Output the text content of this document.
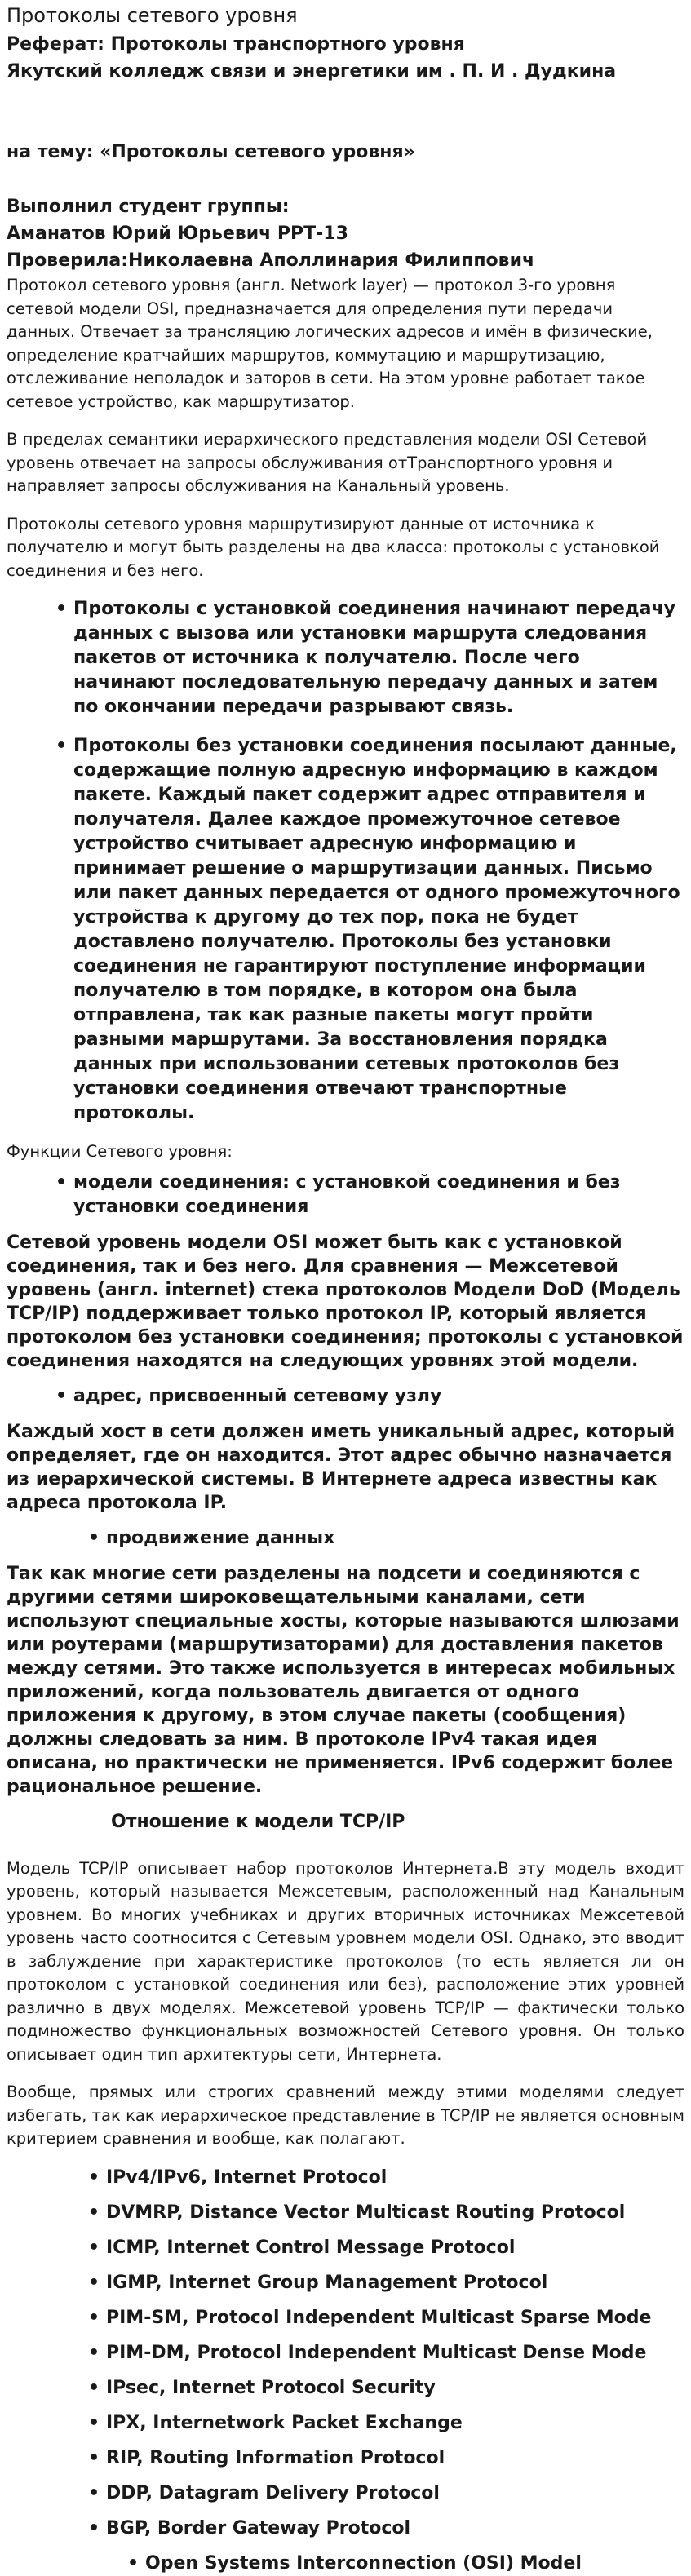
Протоколы сетевого уровня

Реферат: Протоколы транспортного уровня

Якутский колледж связи и энергетики им . П. И . Дудкина

на тему: «Протоколы сетевого уровня»

Выполнил студент группы:

Аманатов Юрий Юрьевич РРТ-13

Проверила:Николаевна Аполлинария Филиппович

Протокол сетевого уровня (англ. Network layer) — протокол 3-го уровня сетевой модели OSI, предназначается для определения пути передачи данных. Отвечает за трансляцию логических адресов и имён в физические, определение кратчайших маршрутов, коммутацию и маршрутизацию, отслеживание неполадок и заторов в сети. На этом уровне работает такое сетевое устройство, как маршрутизатор.

В пределах семантики иерархического представления модели OSI Сетевой уровень отвечает на запросы обслуживания отТранспортного уровня и направляет запросы обслуживания на Канальный уровень.

Протоколы сетевого уровня маршрутизируют данные от источника к получателю и могут быть разделены на два класса: протоколы с установкой соединения и без него.

• Протоколы с установкой соединения начинают передачу данных с вызова или установки маршрута следования пакетов от источника к получателю. После чего начинают последовательную передачу данных и затем по окончании передачи разрывают связь.
• Протоколы без установки соединения посылают данные, содержащие полную адресную информацию в каждом пакете. Каждый пакет содержит адрес отправителя и получателя. Далее каждое промежуточное сетевое устройство считывает адресную информацию и принимает решение о маршрутизации данных. Письмо или пакет данных передается от одного промежуточного устройства к другому до тех пор, пока не будет доставлено получателю. Протоколы без установки соединения не гарантируют поступление информации получателю в том порядке, в котором она была отправлена, так как разные пакеты могут пройти разными маршрутами. За восстановления порядка данных при использовании сетевых протоколов без установки соединения отвечают транспортные протоколы.

Функции Сетевого уровня:

• модели соединения: с установкой соединения и без установки соединения

Сетевой уровень модели OSI может быть как с установкой соединения, так и без него. Для сравнения — Межсетевой уровень (англ. internet) стека протоколов Модели DoD (Модель TCP/IP) поддерживает только протокол IP, который является протоколом без установки соединения; протоколы с установкой соединения находятся на следующих уровнях этой модели.

• адрес, присвоенный сетевому узлу

Каждый хост в сети должен иметь уникальный адрес, который определяет, где он находится. Этот адрес обычно назначается из иерархической системы. В Интернете адреса известны как адреса протокола IP.

• продвижение данных

Так как многие сети разделены на подсети и соединяются с другими сетями широковещательными каналами, сети используют специальные хосты, которые называются шлюзами или роутерами (маршрутизаторами) для доставления пакетов между сетями. Это также используется в интересах мобильных приложений, когда пользователь двигается от одного приложения к другому, в этом случае пакеты (сообщения) должны следовать за ним. В протоколе IPv4 такая идея описана, но практически не применяется. IPv6 содержит более рациональное решение.

Отношение к модели TCP/IP

Модель TCP/IP описывает набор протоколов Интернета.В эту модель входит уровень, который называется Межсетевым, расположенный над Канальным уровнем. Во многих учебниках и других вторичных источниках Межсетевой уровень часто соотносится с Сетевым уровнем модели OSI. Однако, это вводит в заблуждение при характеристике протоколов (то есть является ли он протоколом с установкой соединения или без), расположение этих уровней различно в двух моделях. Межсетевой уровень TCP/IP — фактически только подмножество функциональных возможностей Сетевого уровня. Он только описывает один тип архитектуры сети, Интернета.

Вообще, прямых или строгих сравнений между этими моделями следует избегать, так как иерархическое представление в TCP/IP не является основным критерием сравнения и вообще, как полагают.

• IPv4/IPv6, Internet Protocol
• DVMRP, Distance Vector Multicast Routing Protocol
• ICMP, Internet Control Message Protocol
• IGMP, Internet Group Management Protocol
• PIM-SM, Protocol Independent Multicast Sparse Mode
• PIM-DM, Protocol Independent Multicast Dense Mode
• IPsec, Internet Protocol Security
• IPX, Internetwork Packet Exchange
• RIP, Routing Information Protocol
• DDP, Datagram Delivery Protocol
• BGP, Border Gateway Protocol
• Open Systems Interconnection (OSI) Model
